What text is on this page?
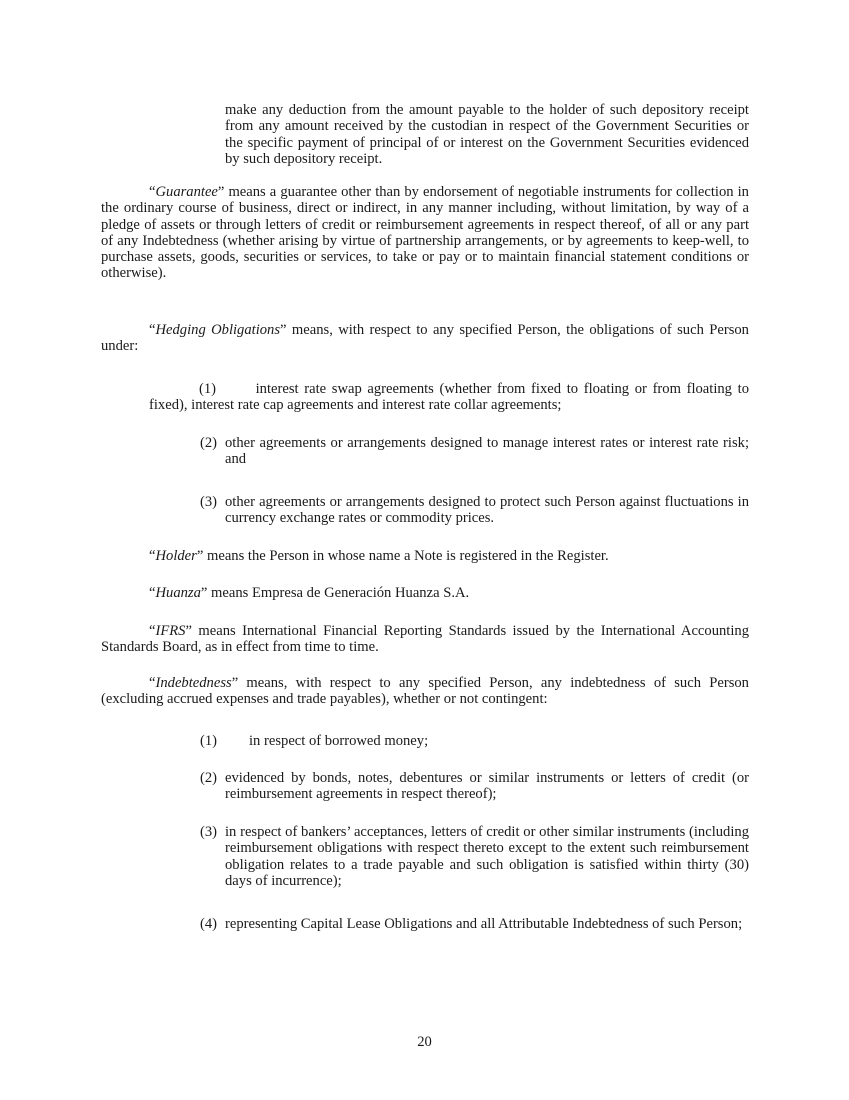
make any deduction from the amount payable to the holder of such depository receipt from any amount received by the custodian in respect of the Government Securities or the specific payment of principal of or interest on the Government Securities evidenced by such depository receipt.

“Guarantee” means a guarantee other than by endorsement of negotiable instruments for collection in the ordinary course of business, direct or indirect, in any manner including, without limitation, by way of a pledge of assets or through letters of credit or reimbursement agreements in respect thereof, of all or any part of any Indebtedness (whether arising by virtue of partnership arrangements, or by agreements to keep-well, to purchase assets, goods, securities or services, to take or pay or to maintain financial statement conditions or otherwise).

“Hedging Obligations” means, with respect to any specified Person, the obligations of such Person under:

(1)	interest rate swap agreements (whether from fixed to floating or from floating to fixed), interest rate cap agreements and interest rate collar agreements;

(2) other agreements or arrangements designed to manage interest rates or interest rate risk; and
(3) other agreements or arrangements designed to protect such Person against fluctuations in currency exchange rates or commodity prices.

“Holder” means the Person in whose name a Note is registered in the Register.

“Huanza” means Empresa de Generación Huanza S.A.

“IFRS” means International Financial Reporting Standards issued by the International Accounting Standards Board, as in effect from time to time.

“Indebtedness” means, with respect to any specified Person, any indebtedness of such Person (excluding accrued expenses and trade payables), whether or not contingent:

(1) in respect of borrowed money;
(2) evidenced by bonds, notes, debentures or similar instruments or letters of credit (or reimbursement agreements in respect thereof);
(3) in respect of bankers’ acceptances, letters of credit or other similar instruments (including reimbursement obligations with respect thereto except to the extent such reimbursement obligation relates to a trade payable and such obligation is satisfied within thirty (30) days of incurrence);
(4) representing Capital Lease Obligations and all Attributable Indebtedness of such Person;
20
